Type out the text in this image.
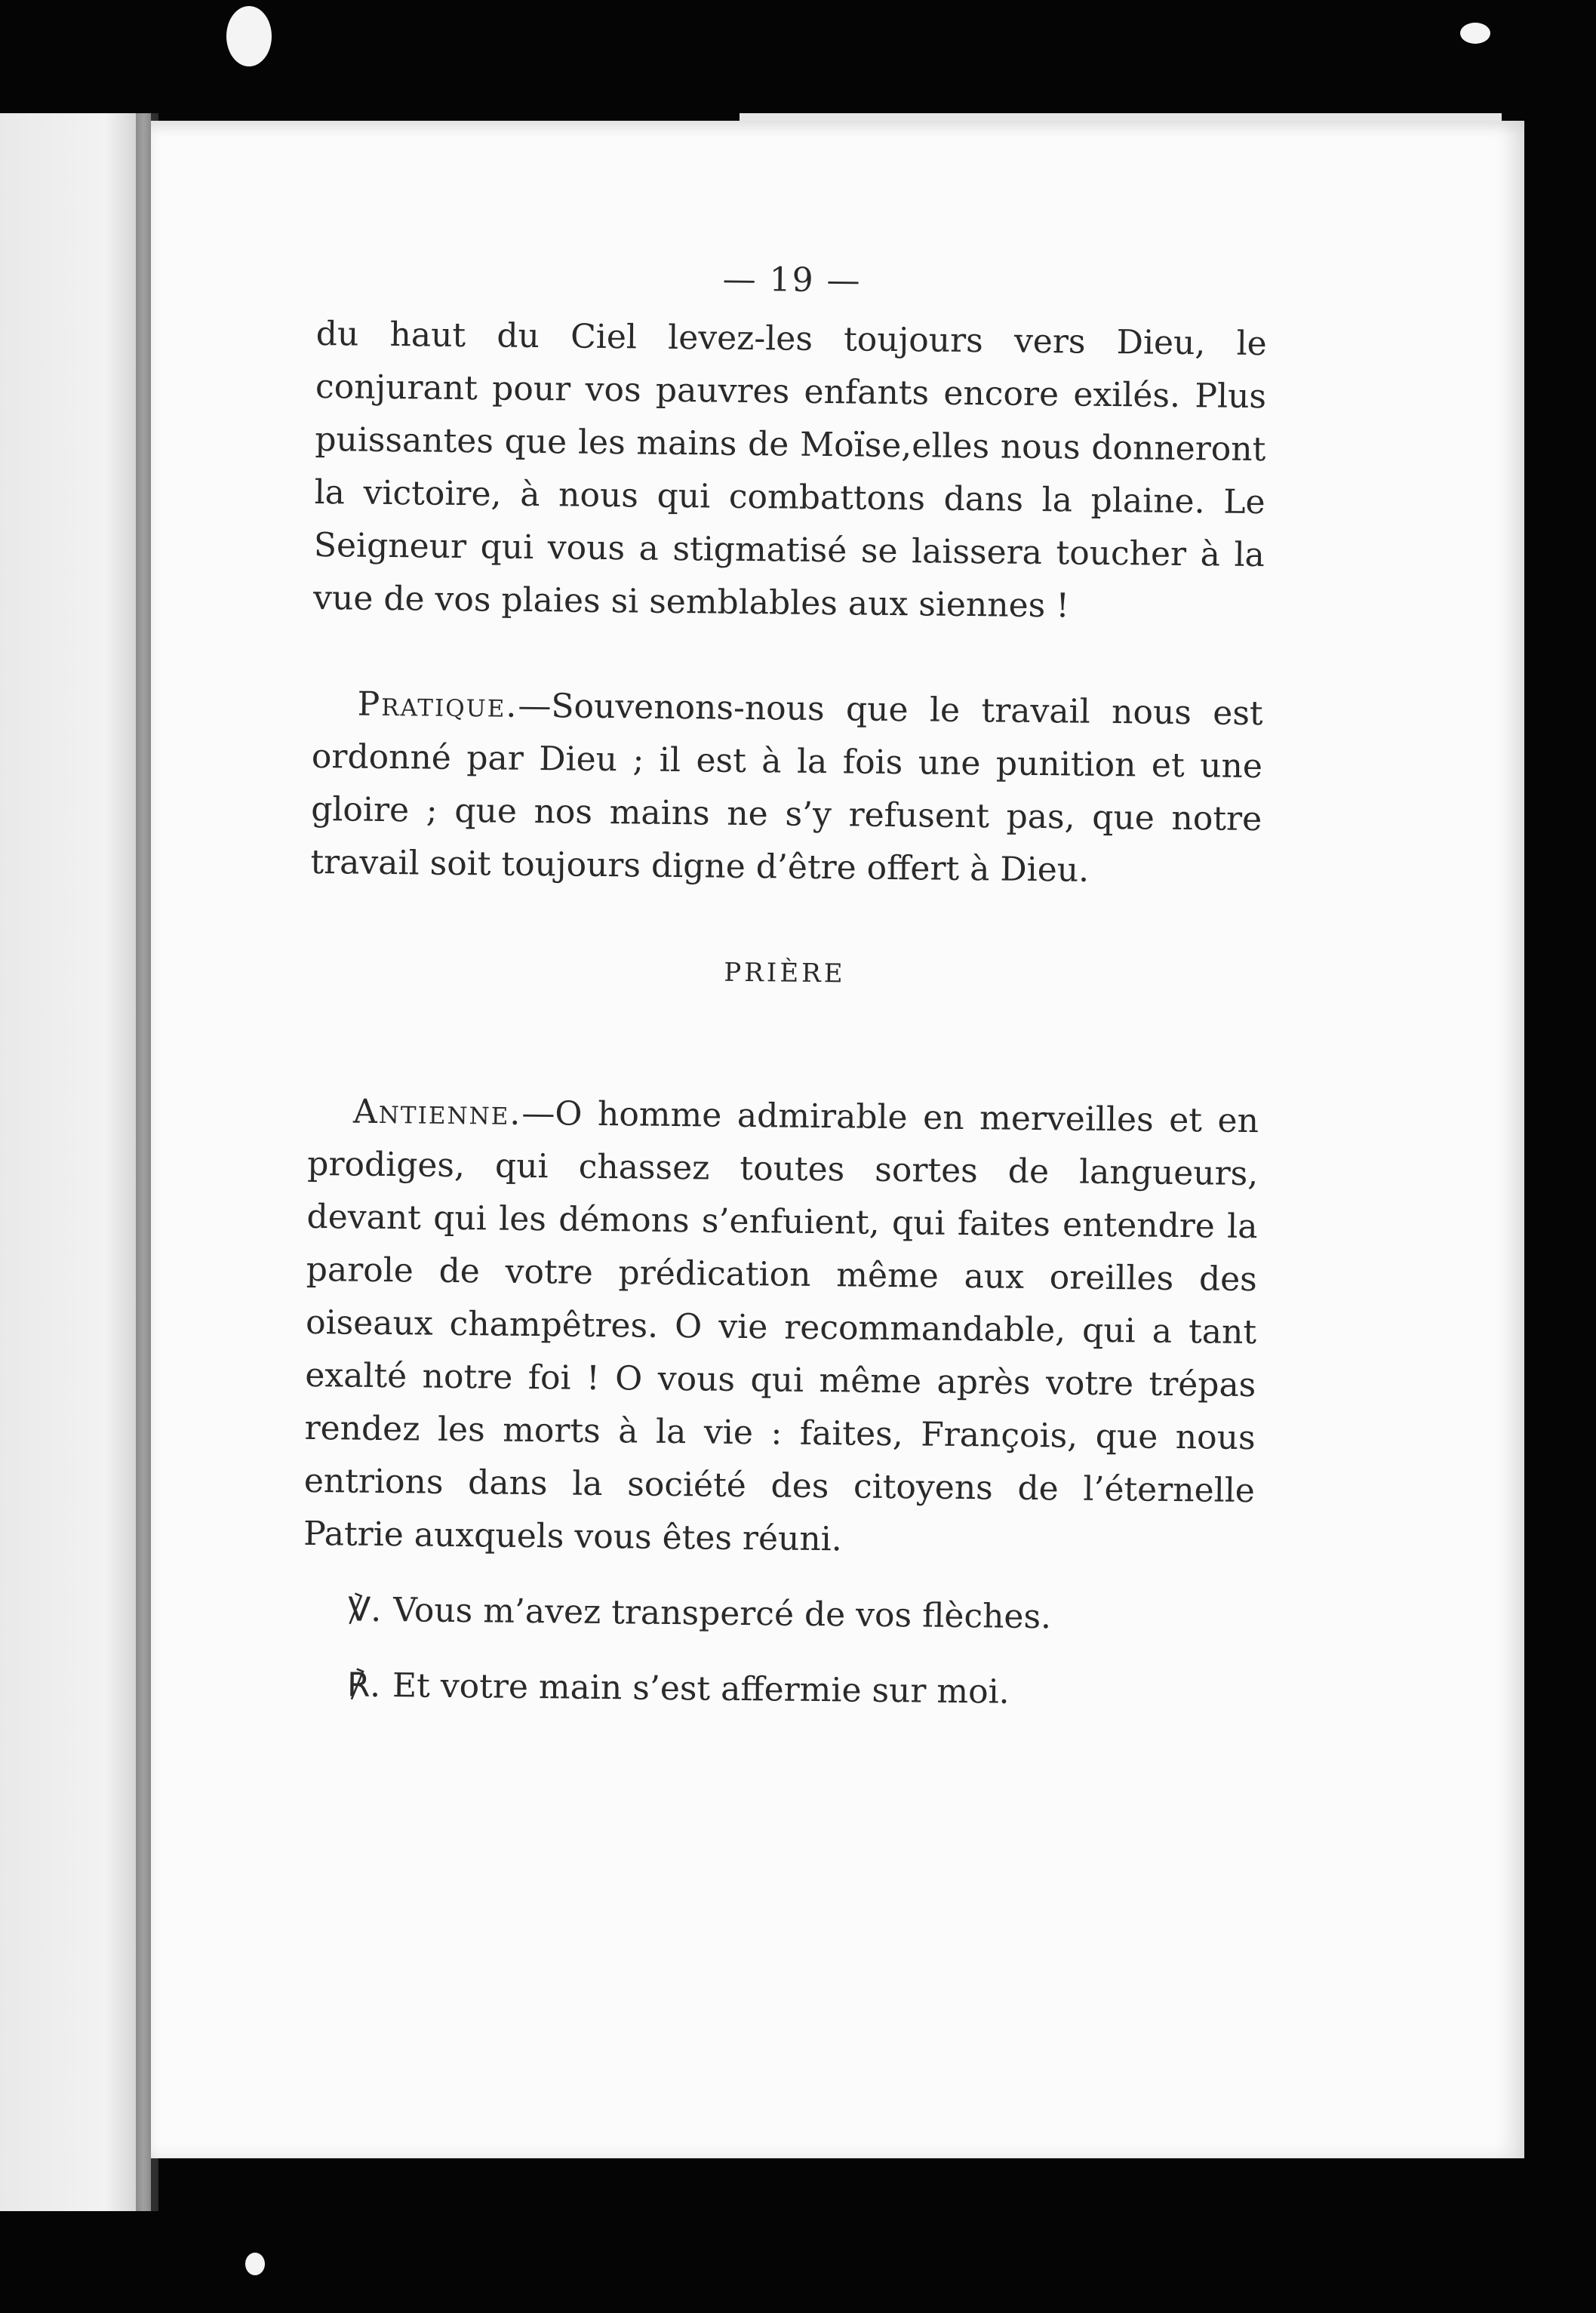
— 19 —

du haut du Ciel levez-les toujours vers Dieu, le conjurant pour vos pauvres enfants encore exilés. Plus puissantes que les mains de Moïse,elles nous donneront la victoire, à nous qui combattons dans la plaine. Le Seigneur qui vous a stigmatisé se laissera toucher à la vue de vos plaies si semblables aux siennes !

Pratique.—Souvenons-nous que le travail nous est ordonné par Dieu ; il est à la fois une punition et une gloire ; que nos mains ne s’y refusent pas, que notre travail soit toujours digne d’être offert à Dieu.

PRIÈRE

Antienne.—O homme admirable en merveilles et en prodiges, qui chassez toutes sortes de langueurs, devant qui les démons s’enfuient, qui faites entendre la parole de votre prédication même aux oreilles des oiseaux champêtres. O vie recommandable, qui a tant exalté notre foi ! O vous qui même après votre trépas rendez les morts à la vie : faites, François, que nous entrions dans la société des citoyens de l’éternelle Patrie auxquels vous êtes réuni.

℣. Vous m’avez transpercé de vos flèches.
℟. Et votre main s’est affermie sur moi.
